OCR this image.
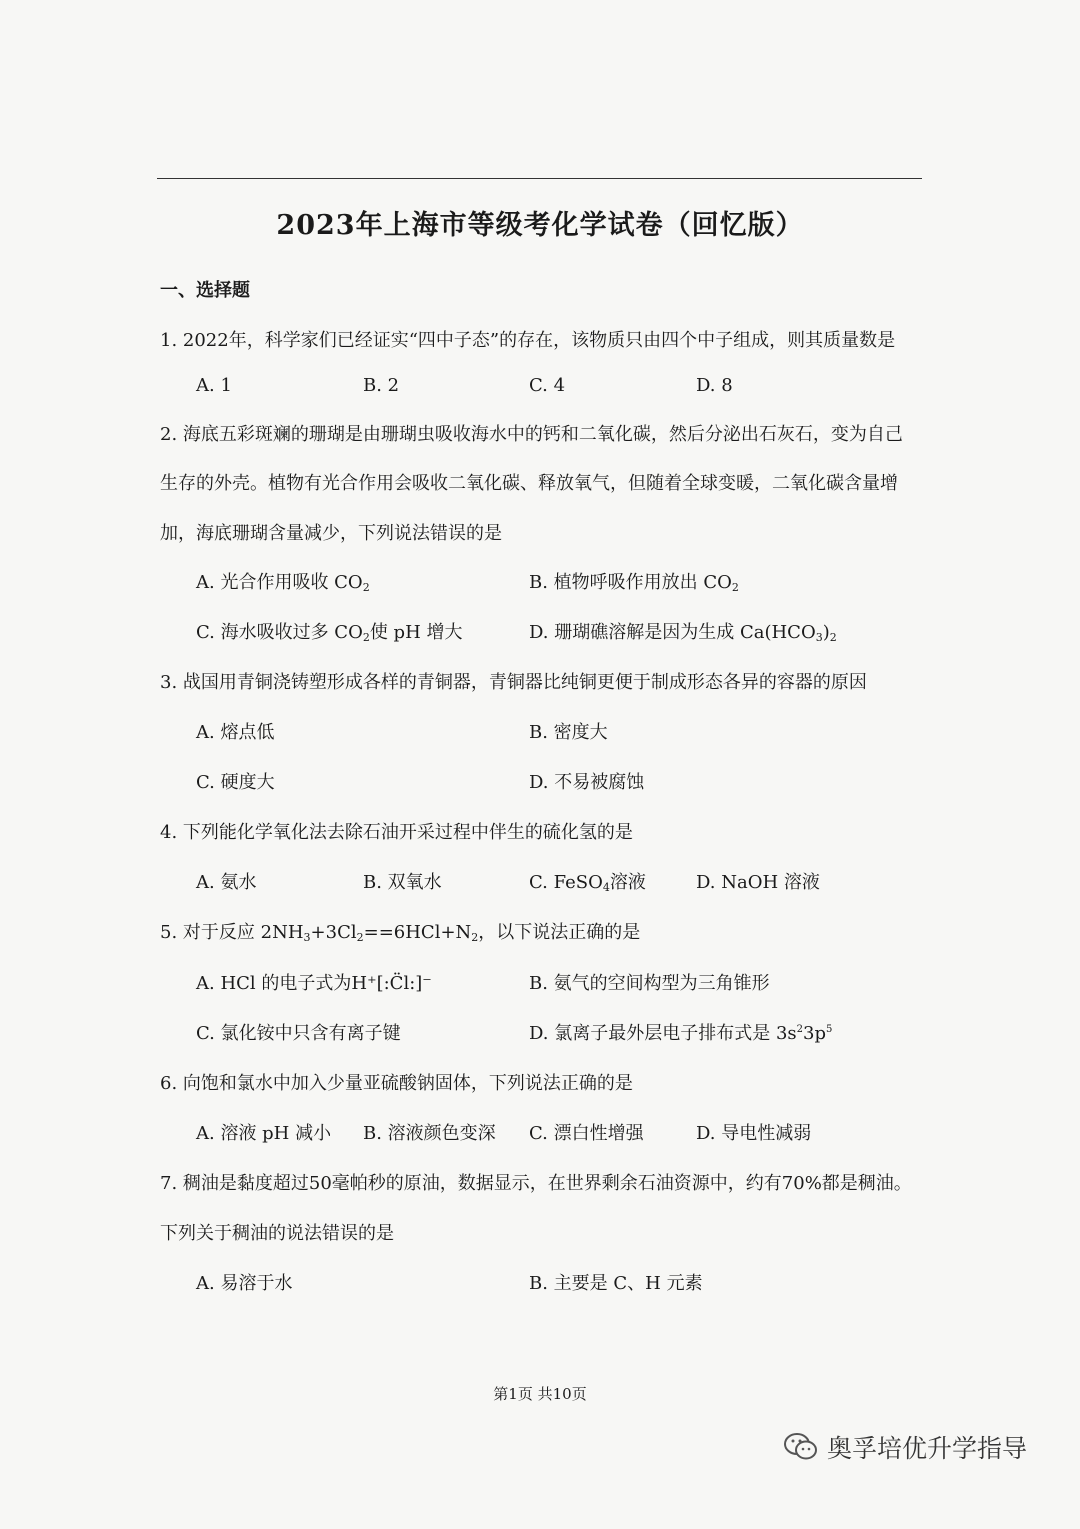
2023年上海市等级考化学试卷（回忆版）
一、选择题
1. 2022年，科学家们已经证实“四中子态”的存在，该物质只由四个中子组成，则其质量数是
A. 1	B. 2	C. 4	D. 8
2. 海底五彩斑斓的珊瑚是由珊瑚虫吸收海水中的钙和二氧化碳，然后分泌出石灰石，变为自己
生存的外壳。植物有光合作用会吸收二氧化碳、释放氧气，但随着全球变暖，二氧化碳含量增
加，海底珊瑚含量减少，下列说法错误的是
A. 光合作用吸收 $CO_2$	B. 植物呼吸作用放出 $CO_2$
C. 海水吸收过多 $CO_2$使 pH 增大	D. 珊瑚礁溶解是因为生成 $Ca(HCO_3)_2$
3. 战国用青铜浇铸塑形成各样的青铜器，青铜器比纯铜更便于制成形态各异的容器的原因
A. 熔点低	B. 密度大
C. 硬度大	D. 不易被腐蚀
4. 下列能化学氧化法去除石油开采过程中伴生的硫化氢的是
A. 氨水	B. 双氧水	C. FeSO$_4$溶液	D. NaOH 溶液
5. 对于反应 $2NH_3+3Cl_2==6HCl+N_2$，以下说法正确的是
A. HCl 的电子式为H⁺[:C̈l:]⁻	B. 氨气的空间构型为三角锥形
C. 氯化铵中只含有离子键	D. 氯离子最外层电子排布式是 $3s^23p^5$
6. 向饱和氯水中加入少量亚硫酸钠固体，下列说法正确的是
A. 溶液 pH 减小 B. 溶液颜色变深 C. 漂白性增强	D. 导电性减弱
7. 稠油是黏度超过50毫帕秒的原油，数据显示，在世界剩余石油资源中，约有70%都是稠油。
下列关于稠油的说法错误的是
A. 易溶于水	B. 主要是 C、H 元素
第1页 共10页
奥孚培优升学指导
